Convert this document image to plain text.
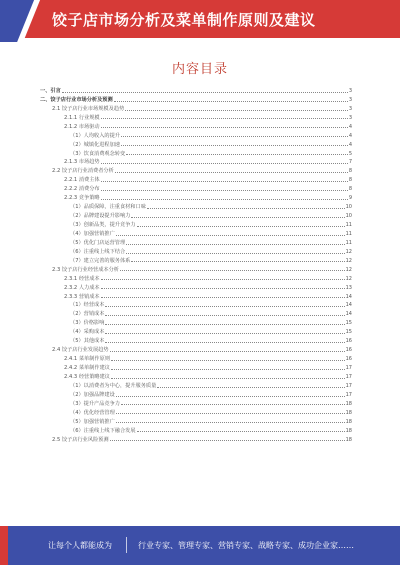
饺子店市场分析及菜单制作原则及建议
内容目录
一、引言	3
二、饺子店行业市场分析及预测	3
2.1 饺子店行业市场规模及趋势	3
2.1.1 行业规模	3
2.1.2 市场驱动	4
（1）人均收入的提升	4
（2）城镇化进程加速	4
（3）饮食消费观念转变	5
2.1.3 市场趋势	7
2.2 饺子店行业消费者分析	8
2.2.1 消费主体	8
2.2.2 消费分布	8
2.2.3 竞争策略	9
（1）品质保障，注重食材和口味	10
（2）品牌建设提升影响力	10
（3）创新品类，提升竞争力	11
（4）加强营销推广	11
（5）优化门店运营管理	11
（6）注重线上线下结合	12
（7）建立完善的服务体系	12
2.3 饺子店行业经营成本分析	12
2.3.1 经营成本	12
2.3.2 人力成本	13
2.3.3 营销成本	14
（1）经营成本	14
（2）营销成本	14
（3）价格影响	15
（4）采购成本	15
（5）其他成本	16
2.4 饺子店行业发展趋势	16
2.4.1 菜单制作原则	16
2.4.2 菜单制作建议	17
2.4.3 经营策略建议	17
（1）以消费者为中心，提升服务质量	17
（2）加强品牌建设	17
（3）提升产品竞争力	18
（4）优化经营管理	18
（5）加强营销推广	18
（6）注重线上线下融合发展	18
2.5 饺子店行业风险预测	18
让每个人都能成为	行业专家、管理专家、营销专家、战略专家、成功企业家……
